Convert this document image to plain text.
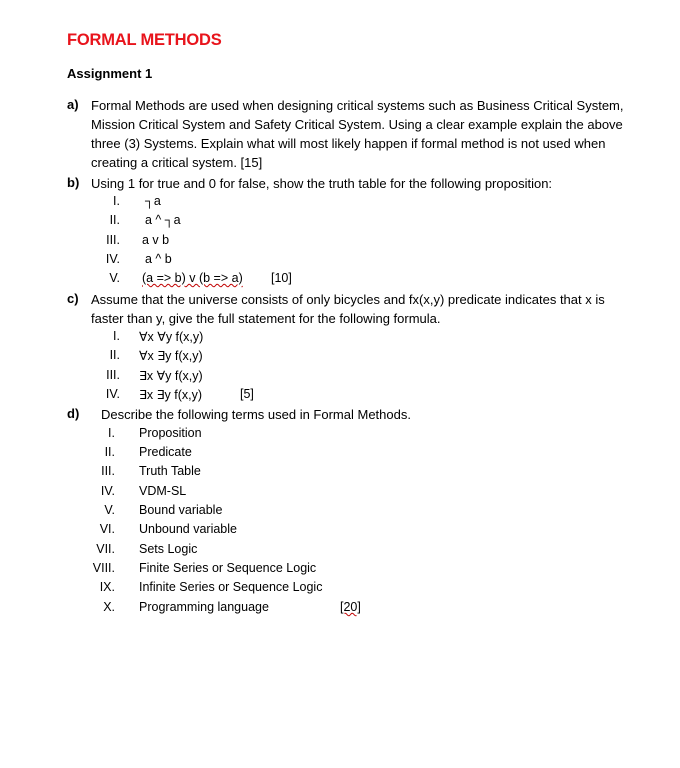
FORMAL METHODS
Assignment 1
a) Formal Methods are used when designing critical systems such as Business Critical System,
Mission Critical System and Safety Critical System. Using a clear example explain the above
three (3) Systems. Explain what will most likely happen if formal method is not used when
creating a critical system. [15]
b) Using 1 for true and 0 for false, show the truth table for the following proposition:
I. ┐a
II. a ^ ┐a
III. a v b
IV. a ^ b
V. (a => b) v (b => a) [10]
c) Assume that the universe consists of only bicycles and fx(x,y) predicate indicates that x is
faster than y, give the full statement for the following formula.
I. ∀x ∀y f(x,y)
II. ∀x ∃y f(x,y)
III. ∃x ∀y f(x,y)
IV. ∃x ∃y f(x,y)	[5]
d) Describe the following terms used in Formal Methods.
I. Proposition
II. Predicate
III. Truth Table
IV. VDM-SL
V. Bound variable
VI. Unbound variable
VII. Sets Logic
VIII. Finite Series or Sequence Logic
IX. Infinite Series or Sequence Logic
X. Programming language	[20]
